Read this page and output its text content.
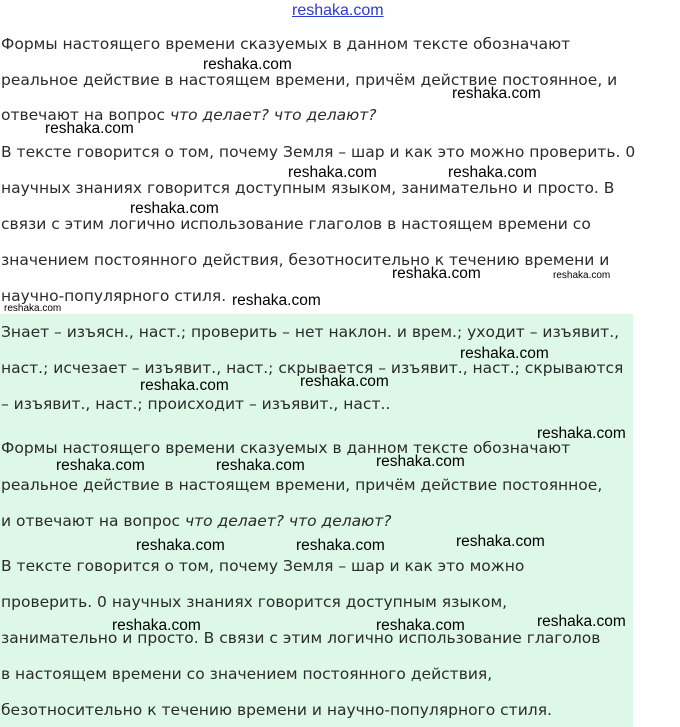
reshaka.com
Формы настоящего времени сказуемых в данном тексте обозначают
реальное действие в настоящем времени, причём действие постоянное, и
отвечают на вопрос что делает? что делают?
В тексте говорится о том, почему Земля – шар и как это можно проверить. 0
научных знаниях говорится доступным языком, занимательно и просто. В
связи с этим логично использование глаголов в настоящем времени со
значением постоянного действия, безотносительно к течению времени и
научно-популярного стиля.
Знает – изъясн., наст.; проверить – нет наклон. и врем.; уходит – изъявит.,
наст.; исчезает – изъявит., наст.; скрывается – изъявит., наст.; скрываются
– изъявит., наст.; происходит – изъявит., наст..
Формы настоящего времени сказуемых в данном тексте обозначают
реальное действие в настоящем времени, причём действие постоянное,
и отвечают на вопрос что делает? что делают?
В тексте говорится о том, почему Земля – шар и как это можно
проверить. 0 научных знаниях говорится доступным языком,
занимательно и просто. В связи с этим логично использование глаголов
в настоящем времени со значением постоянного действия,
безотносительно к течению времени и научно-популярного стиля.
reshaka.com
reshaka.com
reshaka.com
reshaka.com	reshaka.com
reshaka.com
reshaka.com	reshaka.com
reshaka.com
reshaka.com
reshaka.com
reshaka.com	reshaka.com
reshaka.com
reshaka.com	reshaka.com	reshaka.com
reshaka.com	reshaka.com	reshaka.com
reshaka.com	reshaka.com	reshaka.com
